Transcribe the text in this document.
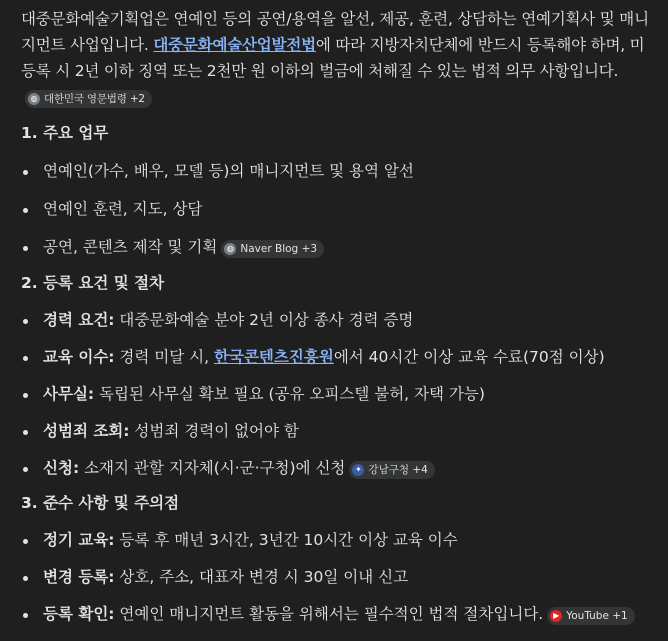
대중문화예술기획업은 연예인 등의 공연/용역을 알선, 제공, 훈련, 상담하는 연예기획사 및 매니지먼트 사업입니다. 대중문화예술산업발전법에 따라 지방자치단체에 반드시 등록해야 하며, 미등록 시 2년 이하 징역 또는 2천만 원 이하의 벌금에 처해질 수 있는 법적 의무 사항입니다.
◍ 대한민국 영문법령 +2

1. 주요 업무
연예인(가수, 배우, 모델 등)의 매니지먼트 및 용역 알선
연예인 훈련, 지도, 상담
공연, 콘텐츠 제작 및 기획	◍ Naver Blog +3
2. 등록 요건 및 절차
경력 요건: 대중문화예술 분야 2년 이상 종사 경력 증명
교육 이수: 경력 미달 시, 한국콘텐츠진흥원에서 40시간 이상 교육 수료(70점 이상)
사무실: 독립된 사무실 확보 필요 (공유 오피스텔 불허, 자택 가능)
성범죄 조회: 성범죄 경력이 없어야 함
신청: 소재지 관할 지자체(시·군·구청)에 신청	✦ 강남구청 +4
3. 준수 사항 및 주의점
정기 교육: 등록 후 매년 3시간, 3년간 10시간 이상 교육 이수
변경 등록: 상호, 주소, 대표자 변경 시 30일 이내 신고
등록 확인: 연예인 매니지먼트 활동을 위해서는 필수적인 법적 절차입니다.	▶ YouTube +1
